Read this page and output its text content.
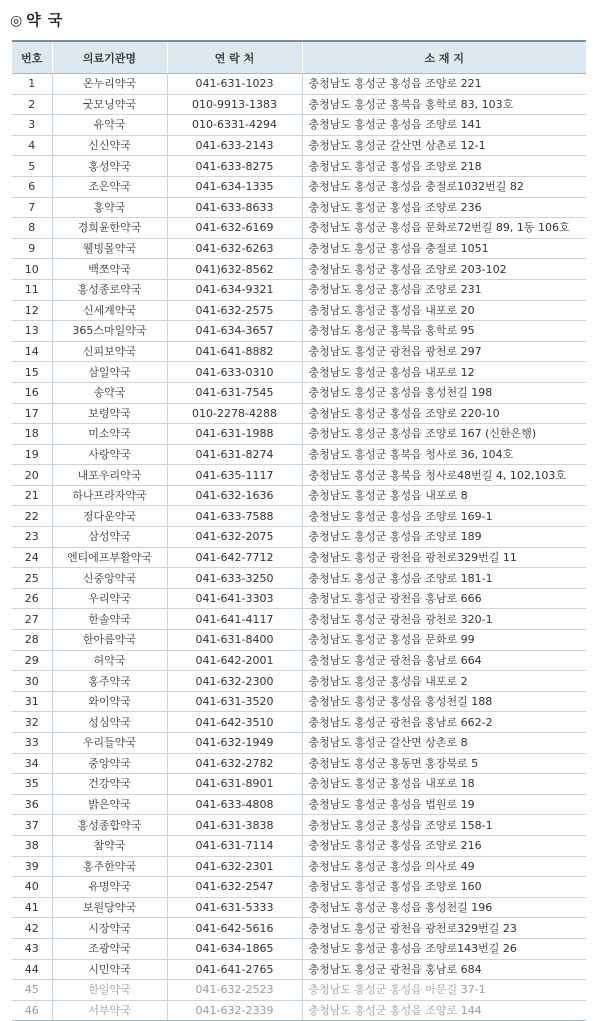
◎ 약 국
번호	의료기관명	연 락 처	소 재 지
1	온누리약국	041-631-1023	충청남도 홍성군 홍성읍 조양로 221
2	굿모닝약국	010-9913-1383	충청남도 홍성군 홍북읍 홍학로 83, 103호
3	유약국	010-6331-4294	충청남도 홍성군 홍성읍 조양로 141
4	신신약국	041-633-2143	충청남도 홍성군 갈산면 상촌로 12-1
5	홍성약국	041-633-8275	충청남도 홍성군 홍성읍 조양로 218
6	조은약국	041-634-1335	충청남도 홍성군 홍성읍 충절로1032번길 82
7	홍약국	041-633-8633	충청남도 홍성군 홍성읍 조양로 236
8	경희윤한약국	041-632-6169	충청남도 홍성군 홍성읍 문화로72번길 89, 1동 106호
9	웰빙몰약국	041-632-6263	충청남도 홍성군 홍성읍 충절로 1051
10	백쪼약국	041)632-8562	충청남도 홍성군 홍성읍 조양로 203-102
11	홍성종로약국	041-634-9321	충청남도 홍성군 홍성읍 조양로 231
12	신세계약국	041-632-2575	충청남도 홍성군 홍성읍 내포로 20
13	365스마일약국	041-634-3657	충청남도 홍성군 홍북읍 홍학로 95
14	신피보약국	041-641-8882	충청남도 홍성군 광천읍 광천로 297
15	삼일약국	041-633-0310	충청남도 홍성군 홍성읍 내포로 12
16	송약국	041-631-7545	충청남도 홍성군 홍성읍 홍성천길 198
17	보령약국	010-2278-4288	충청남도 홍성군 홍성읍 조양로 220-10
18	미소약국	041-631-1988	충청남도 홍성군 홍성읍 조양로 167 (신한은행)
19	사랑약국	041-631-8274	충청남도 홍성군 홍북읍 청사로 36, 104호
20	내포우리약국	041-635-1117	충청남도 홍성군 홍북읍 청사로48번길 4, 102,103호
21	하나프라자약국	041-632-1636	충청남도 홍성군 홍성읍 내포로 8
22	정다운약국	041-633-7588	충청남도 홍성군 홍성읍 조양로 169-1
23	삼성약국	041-632-2075	충청남도 홍성군 홍성읍 조양로 189
24	엔티에프부활약국	041-642-7712	충청남도 홍성군 광천읍 광천로329번길 11
25	신중앙약국	041-633-3250	충청남도 홍성군 홍성읍 조양로 181-1
26	우리약국	041-641-3303	충청남도 홍성군 광천읍 홍남로 666
27	한솔약국	041-641-4117	충청남도 홍성군 광천읍 광천로 320-1
28	한아름약국	041-631-8400	충청남도 홍성군 홍성읍 문화로 99
29	허약국	041-642-2001	충청남도 홍성군 광천읍 홍남로 664
30	홍주약국	041-632-2300	충청남도 홍성군 홍성읍 내포로 2
31	와이약국	041-631-3520	충청남도 홍성군 홍성읍 홍성천길 188
32	성심약국	041-642-3510	충청남도 홍성군 광천읍 홍남로 662-2
33	우리들약국	041-632-1949	충청남도 홍성군 갈산면 상촌로 8
34	중앙약국	041-632-2782	충청남도 홍성군 홍동면 홍장북로 5
35	건강약국	041-631-8901	충청남도 홍성군 홍성읍 내포로 18
36	밝은약국	041-633-4808	충청남도 홍성군 홍성읍 법원로 19
37	홍성종합약국	041-631-3838	충청남도 홍성군 홍성읍 조양로 158-1
38	참약국	041-631-7114	충청남도 홍성군 홍성읍 조양로 216
39	홍주한약국	041-632-2301	충청남도 홍성군 홍성읍 의사로 49
40	유명약국	041-632-2547	충청남도 홍성군 홍성읍 조양로 160
41	보원당약국	041-631-5333	충청남도 홍성군 홍성읍 홍성천길 196
42	시장약국	041-642-5616	충청남도 홍성군 광천읍 광천로329번길 23
43	조광약국	041-634-1865	충청남도 홍성군 홍성읍 조양로143번길 26
44	시민약국	041-641-2765	충청남도 홍성군 광천읍 홍남로 684
45	한일약국	041-632-2523	충청남도 홍성군 홍성읍 아문길 37-1
46	서부약국	041-632-2339	충청남도 홍성군 홍성읍 조양로 144
